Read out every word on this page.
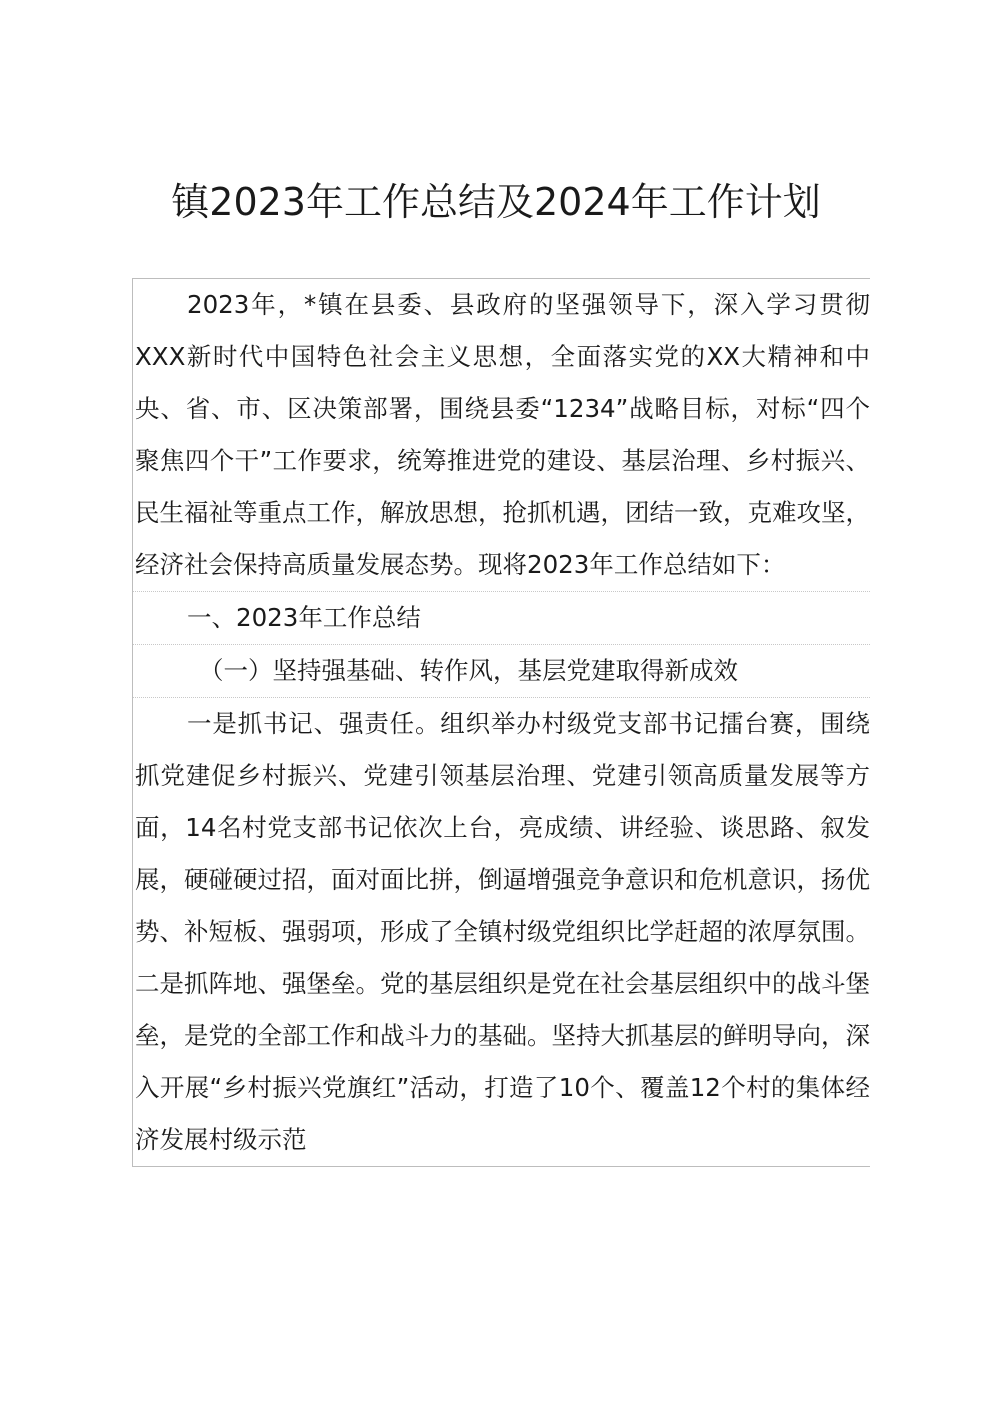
镇2023年工作总结及2024年工作计划

2023年，*镇在县委、县政府的坚强领导下，深入学习贯彻XXX新时代中国特色社会主义思想，全面落实党的XX大精神和中央、省、市、区决策部署，围绕县委“1234”战略目标，对标“四个聚焦四个干”工作要求，统筹推进党的建设、基层治理、乡村振兴、民生福祉等重点工作，解放思想，抢抓机遇，团结一致，克难攻坚，经济社会保持高质量发展态势。现将2023年工作总结如下：

一、2023年工作总结

（一）坚持强基础、转作风，基层党建取得新成效

一是抓书记、强责任。组织举办村级党支部书记擂台赛，围绕抓党建促乡村振兴、党建引领基层治理、党建引领高质量发展等方面，14名村党支部书记依次上台，亮成绩、讲经验、谈思路、叙发展，硬碰硬过招，面对面比拼，倒逼增强竞争意识和危机意识，扬优势、补短板、强弱项，形成了全镇村级党组织比学赶超的浓厚氛围。二是抓阵地、强堡垒。党的基层组织是党在社会基层组织中的战斗堡垒，是党的全部工作和战斗力的基础。坚持大抓基层的鲜明导向，深入开展“乡村振兴党旗红”活动，打造了10个、覆盖12个村的集体经济发展村级示范
